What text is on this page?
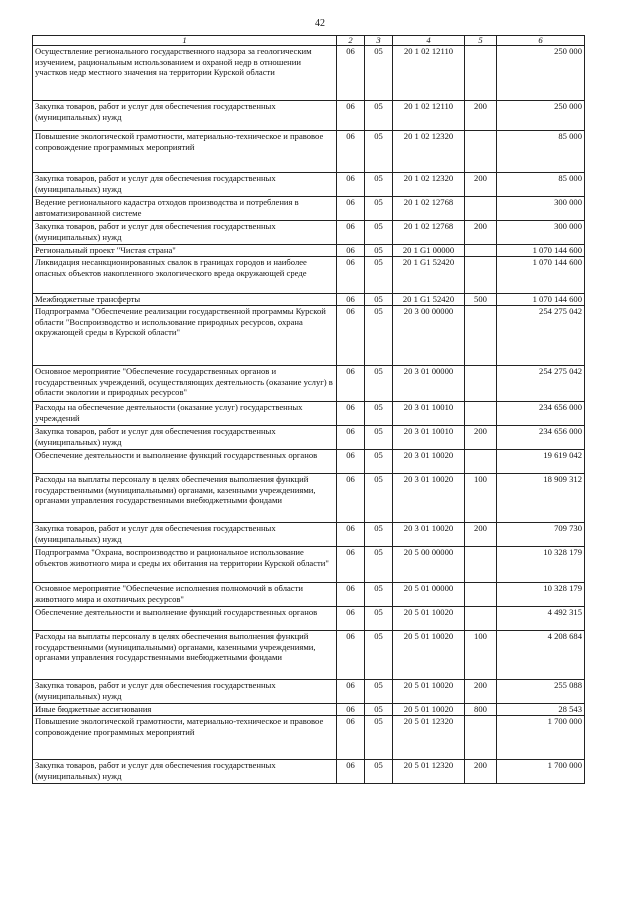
42
1	2	3	4	5	6
Осуществление регионального государственного надзора за геологическим изучением, рациональным использованием и охраной недр в отношении участков недр местного значения на территории Курской области	06	05	20 1 02 12110		250 000
Закупка товаров, работ и услуг для обеспечения государственных (муниципальных) нужд	06	05	20 1 02 12110	200	250 000
Повышение экологической грамотности, материально-техническое и правовое сопровождение программных мероприятий	06	05	20 1 02 12320		85 000
Закупка товаров, работ и услуг для обеспечения государственных (муниципальных) нужд	06	05	20 1 02 12320	200	85 000
Ведение регионального кадастра отходов производства и потребления в автоматизированной системе	06	05	20 1 02 12768		300 000
Закупка товаров, работ и услуг для обеспечения государственных (муниципальных) нужд	06	05	20 1 02 12768	200	300 000
Региональный проект "Чистая страна"	06	05	20 1 G1 00000		1 070 144 600
Ликвидация несанкционированных свалок в границах городов и наиболее опасных объектов накопленного экологического вреда окружающей среде	06	05	20 1 G1 52420		1 070 144 600
Межбюджетные трансферты	06	05	20 1 G1 52420	500	1 070 144 600
Подпрограмма "Обеспечение реализации государственной программы Курской области "Воспроизводство и использование природных ресурсов, охрана окружающей среды в Курской области"	06	05	20 3 00 00000		254 275 042
Основное мероприятие "Обеспечение государственных органов и государственных учреждений, осуществляющих деятельность (оказание услуг) в области экологии и природных ресурсов"	06	05	20 3 01 00000		254 275 042
Расходы на обеспечение деятельности (оказание услуг) государственных учреждений	06	05	20 3 01 10010		234 656 000
Закупка товаров, работ и услуг для обеспечения государственных (муниципальных) нужд	06	05	20 3 01 10010	200	234 656 000
Обеспечение деятельности и выполнение функций государственных органов	06	05	20 3 01 10020		19 619 042
Расходы на выплаты персоналу в целях обеспечения выполнения функций государственными (муниципальными) органами, казенными учреждениями, органами управления государственными внебюджетными фондами	06	05	20 3 01 10020	100	18 909 312
Закупка товаров, работ и услуг для обеспечения государственных (муниципальных) нужд	06	05	20 3 01 10020	200	709 730
Подпрограмма "Охрана, воспроизводство и рациональное использование объектов животного мира и среды их обитания на территории Курской области"	06	05	20 5 00 00000		10 328 179
Основное мероприятие "Обеспечение исполнения полномочий в области животного мира и охотничьих ресурсов"	06	05	20 5 01 00000		10 328 179
Обеспечение деятельности и выполнение функций государственных органов	06	05	20 5 01 10020		4 492 315
Расходы на выплаты персоналу в целях обеспечения выполнения функций государственными (муниципальными) органами, казенными учреждениями, органами управления государственными внебюджетными фондами	06	05	20 5 01 10020	100	4 208 684
Закупка товаров, работ и услуг для обеспечения государственных (муниципальных) нужд	06	05	20 5 01 10020	200	255 088
Иные бюджетные ассигнования	06	05	20 5 01 10020	800	28 543
Повышение экологической грамотности, материально-техническое и правовое сопровождение программных мероприятий	06	05	20 5 01 12320		1 700 000
Закупка товаров, работ и услуг для обеспечения государственных (муниципальных) нужд	06	05	20 5 01 12320	200	1 700 000
